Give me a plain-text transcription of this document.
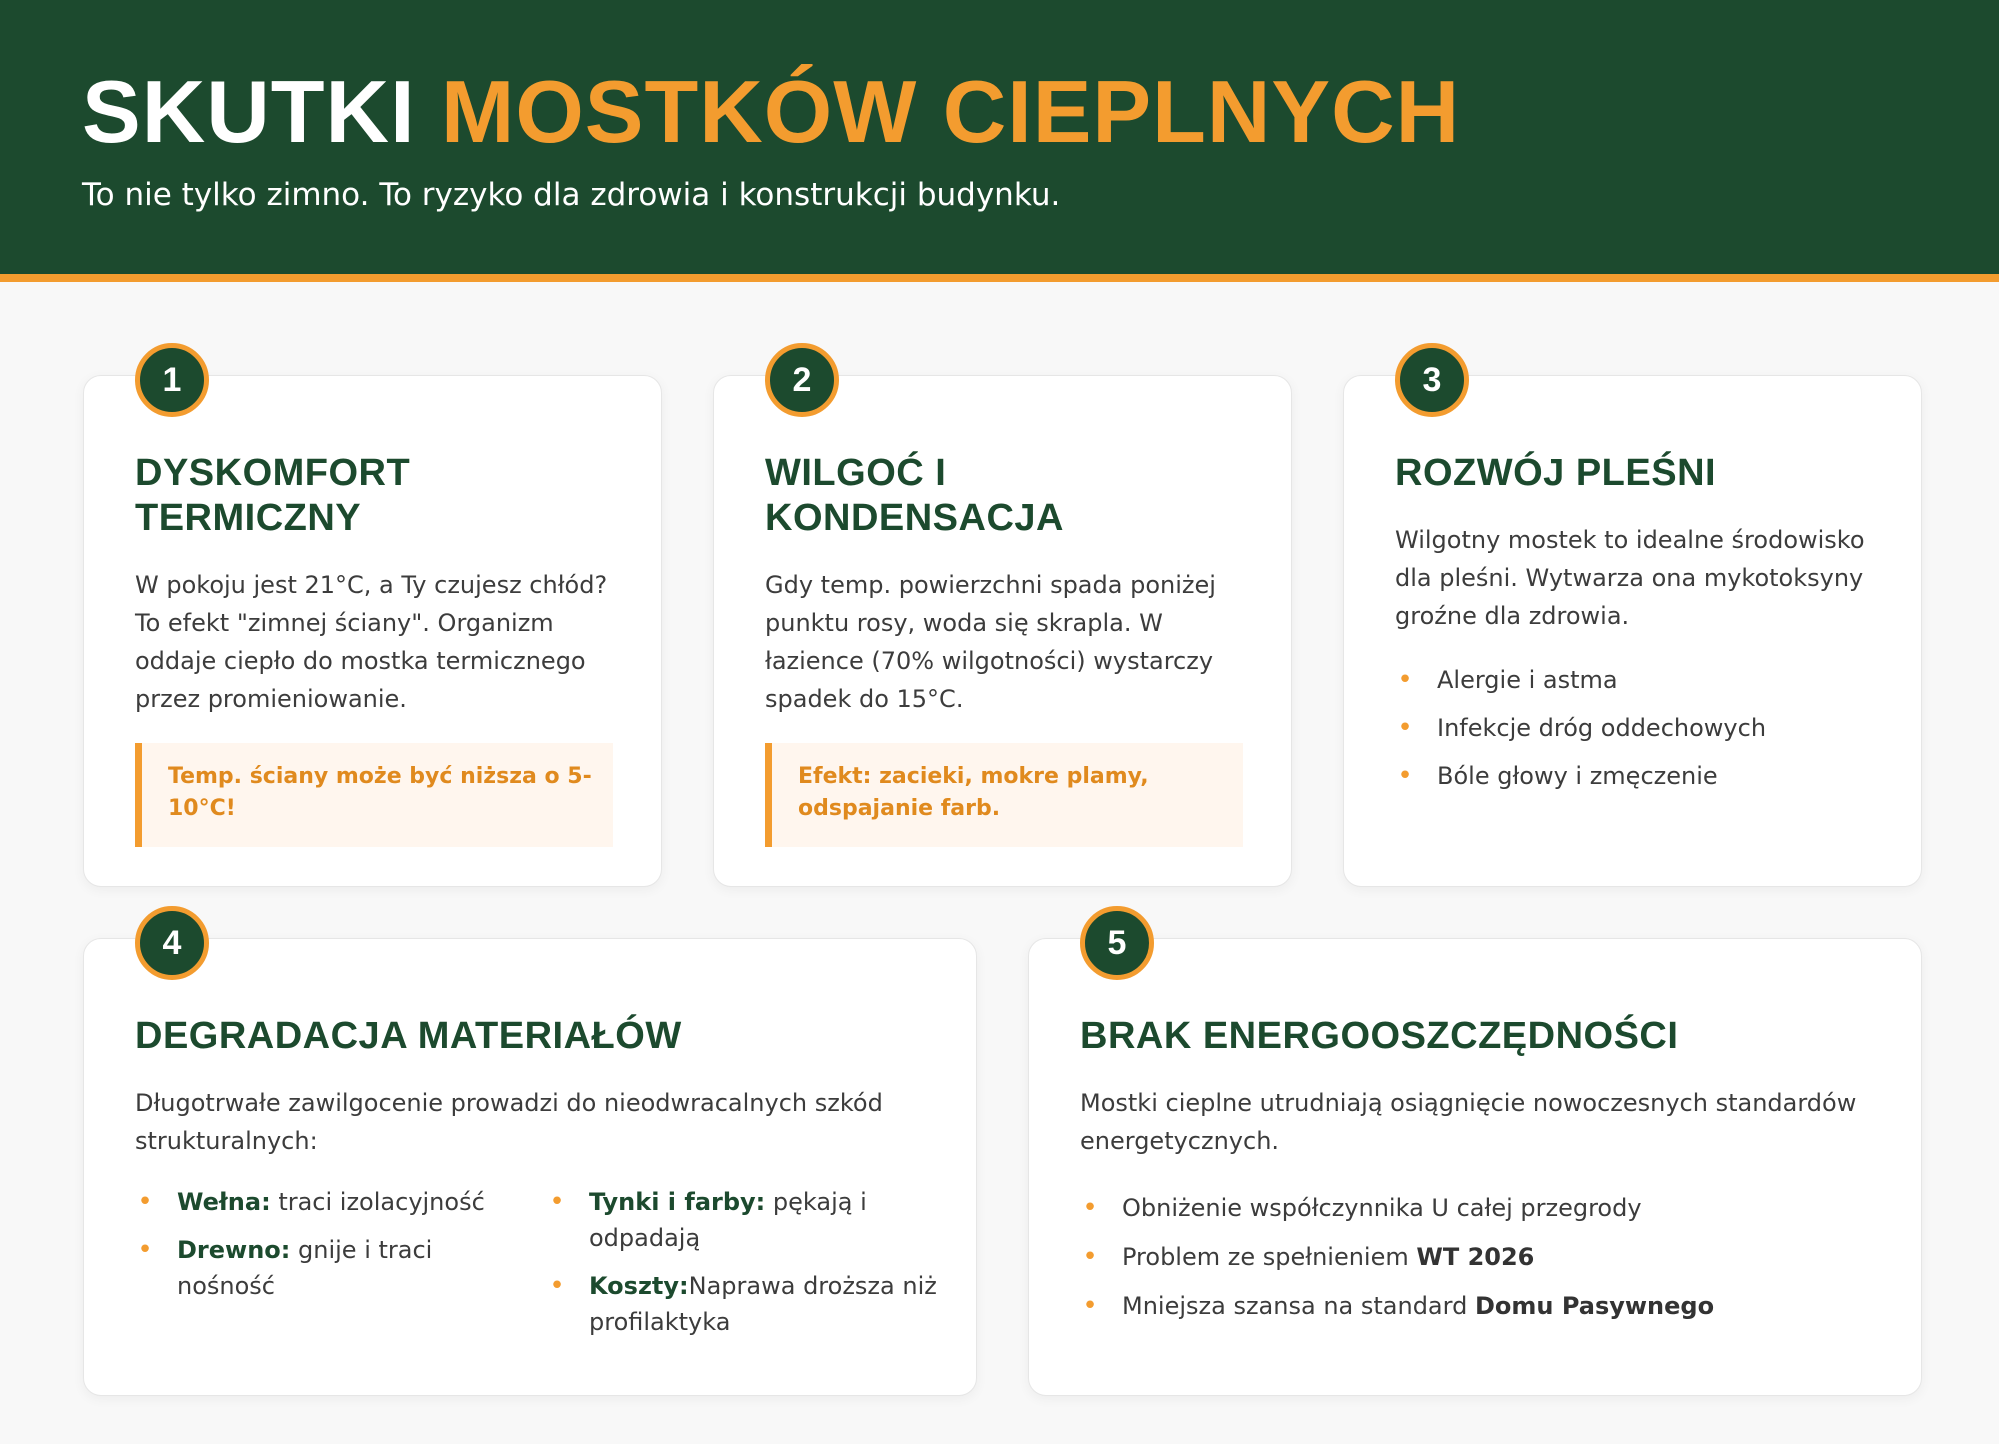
SKUTKI MOSTKÓW CIEPLNYCH
To nie tylko zimno. To ryzyko dla zdrowia i konstrukcji budynku.
1
DYSKOMFORT
TERMICZNY
W pokoju jest 21°C, a Ty czujesz chłód?
To efekt "zimnej ściany". Organizm
oddaje ciepło do mostka termicznego
przez promieniowanie.
Temp. ściany może być niższa o 5-
10°C!
2
WILGOĆ I
KONDENSACJA
Gdy temp. powierzchni spada poniżej
punktu rosy, woda się skrapla. W
łazience (70% wilgotności) wystarczy
spadek do 15°C.
Efekt: zacieki, mokre plamy,
odspajanie farb.
3
ROZWÓJ PLEŚNI
Wilgotny mostek to idealne środowisko
dla pleśni. Wytwarza ona mykotoksyny
groźne dla zdrowia.
• Alergie i astma
• Infekcje dróg oddechowych
• Bóle głowy i zmęczenie
4
DEGRADACJA MATERIAŁÓW
Długotrwałe zawilgocenie prowadzi do nieodwracalnych szkód
strukturalnych:
• Wełna: traci izolacyjność
• Drewno: gnije i traci
nośność
• Tynki i farby: pękają i
odpadają
• Koszty:Naprawa droższa niż
profilaktyka
5
BRAK ENERGOOSZCZĘDNOŚCI
Mostki cieplne utrudniają osiągnięcie nowoczesnych standardów
energetycznych.
• Obniżenie współczynnika U całej przegrody
• Problem ze spełnieniem WT 2026
• Mniejsza szansa na standard Domu Pasywnego
